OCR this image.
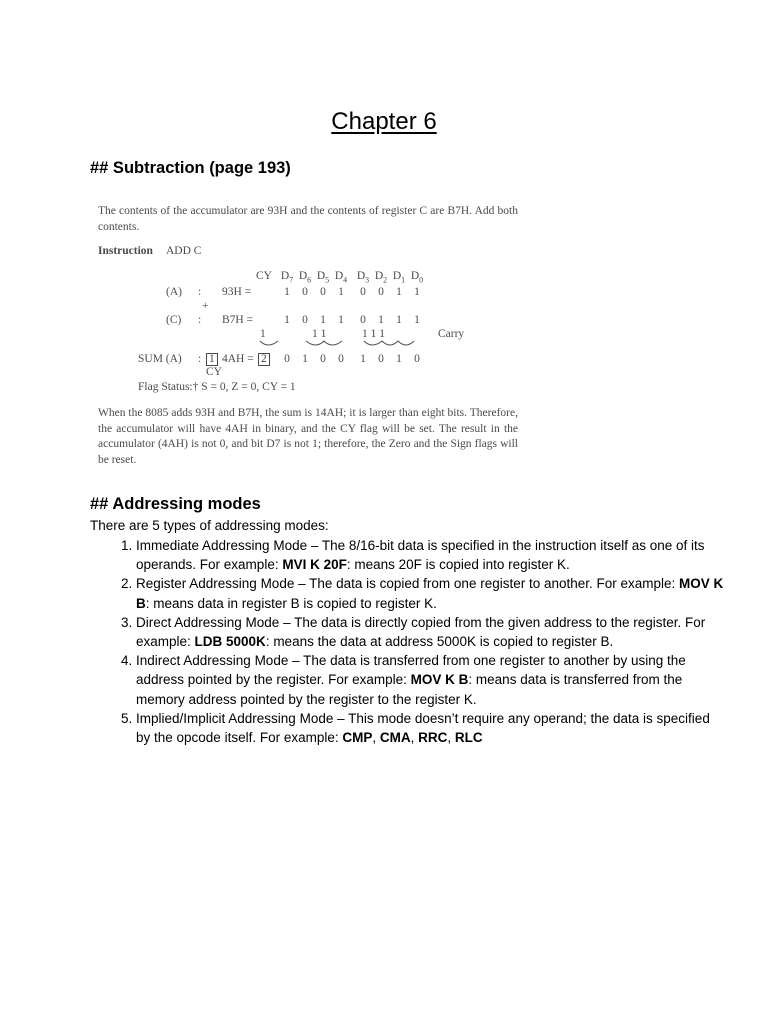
Chapter 6
## Subtraction (page 193)
The contents of the accumulator are 93H and the contents of register C are B7H. Add both contents.
Instruction ADD C
CY $D_7$ $D_6$ $D_5$ $D_4$ $D_3$ $D_2$ $D_1$ $D_0$
(A) : 93H =	1	0	0	1	0	0	1	1
+
(C) : B7H =	1	0	1	1	0	1	1	1
1	1 1	1 1 1	Carry
SUM (A) : 1 4AH = 2	0	1	0	0	1	0	1	0
CY
Flag Status:† S = 0, Z = 0, CY = 1
When the 8085 adds 93H and B7H, the sum is 14AH; it is larger than eight bits. Therefore, the accumulator will have 4AH in binary, and the CY flag will be set. The result in the accumulator (4AH) is not 0, and bit D7 is not 1; therefore, the Zero and the Sign flags will be reset.
## Addressing modes
There are 5 types of addressing modes:
1. Immediate Addressing Mode – The 8/16-bit data is specified in the instruction itself as one of its operands. For example: MVI K 20F: means 20F is copied into register K.
2. Register Addressing Mode – The data is copied from one register to another. For example: MOV K B: means data in register B is copied to register K.
3. Direct Addressing Mode – The data is directly copied from the given address to the register. For example: LDB 5000K: means the data at address 5000K is copied to register B.
4. Indirect Addressing Mode – The data is transferred from one register to another by using the address pointed by the register. For example: MOV K B: means data is transferred from the memory address pointed by the register to the register K.
5. Implied/Implicit Addressing Mode – This mode doesn’t require any operand; the data is specified by the opcode itself. For example: CMP, CMA, RRC, RLC
